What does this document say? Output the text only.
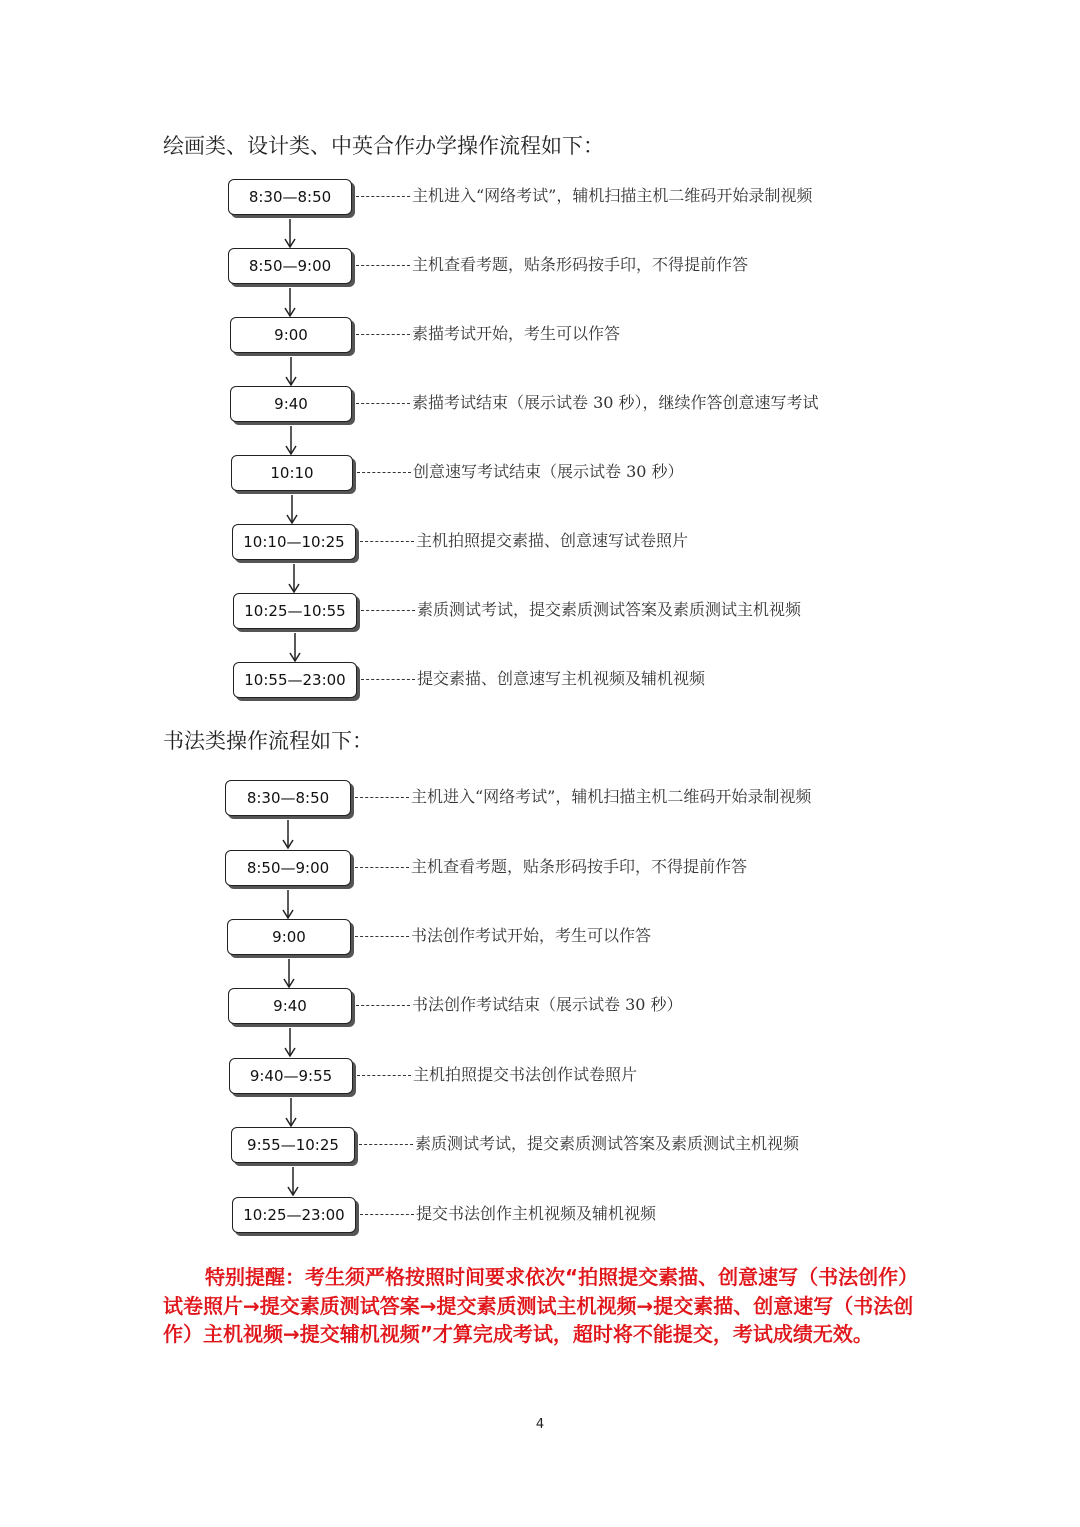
绘画类、设计类、中英合作办学操作流程如下：
8:30—8:50	主机进入“网络考试”，辅机扫描主机二维码开始录制视频
8:50—9:00	主机查看考题，贴条形码按手印，不得提前作答
9:00	素描考试开始，考生可以作答
9:40	素描考试结束（展示试卷 30 秒），继续作答创意速写考试
10:10	创意速写考试结束（展示试卷 30 秒）
10:10—10:25	主机拍照提交素描、创意速写试卷照片
10:25—10:55	素质测试考试，提交素质测试答案及素质测试主机视频
10:55—23:00	提交素描、创意速写主机视频及辅机视频
书法类操作流程如下：
8:30—8:50	主机进入“网络考试”，辅机扫描主机二维码开始录制视频
8:50—9:00	主机查看考题，贴条形码按手印，不得提前作答
9:00	书法创作考试开始，考生可以作答
9:40	书法创作考试结束（展示试卷 30 秒）
9:40—9:55	主机拍照提交书法创作试卷照片
9:55—10:25	素质测试考试，提交素质测试答案及素质测试主机视频
10:25—23:00	提交书法创作主机视频及辅机视频
特别提醒：考生须严格按照时间要求依次“拍照提交素描、创意速写（书法创作）试卷照片→提交素质测试答案→提交素质测试主机视频→提交素描、创意速写（书法创作）主机视频→提交辅机视频”才算完成考试，超时将不能提交，考试成绩无效。
4
